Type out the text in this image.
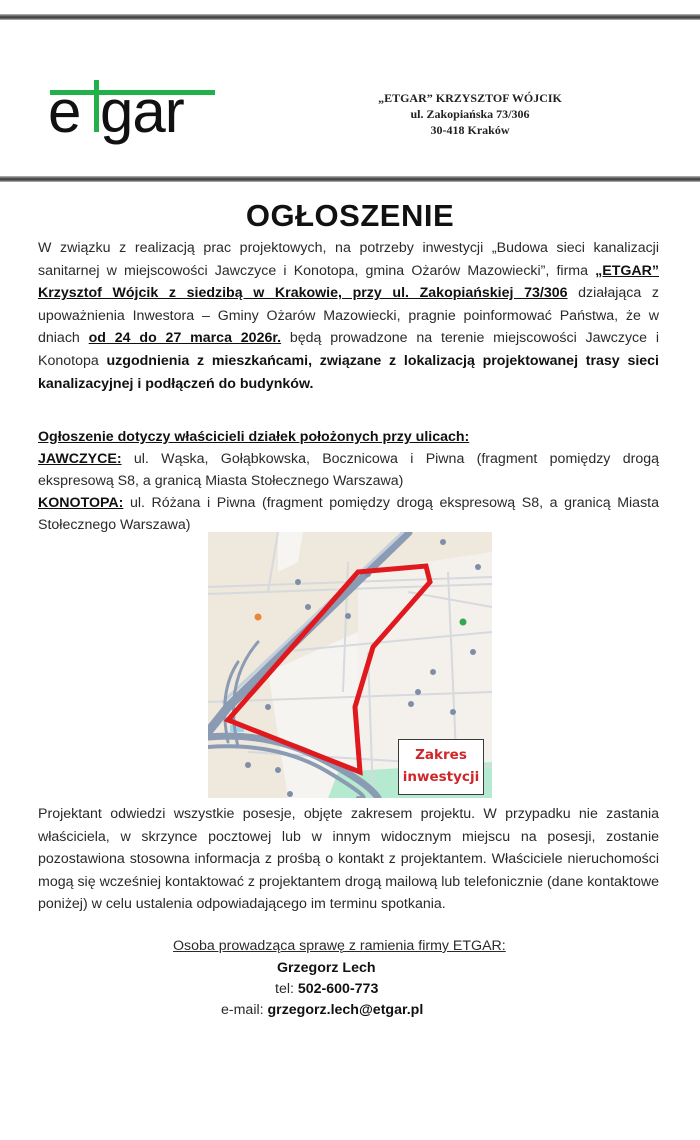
e gar	„ETGAR” KRZYSZTOF WÓJCIK
ul. Zakopiańska 73/306
30-418 Kraków
OGŁOSZENIE
W związku z realizacją prac projektowych, na potrzeby inwestycji „Budowa sieci kanalizacji sanitarnej w miejscowości Jawczyce i Konotopa, gmina Ożarów Mazowiecki”, firma „ETGAR” Krzysztof Wójcik z siedzibą w Krakowie, przy ul. Zakopiańskiej 73/306 działająca z upoważnienia Inwestora – Gminy Ożarów Mazowiecki, pragnie poinformować Państwa, że w dniach od 24 do 27 marca 2026r. będą prowadzone na terenie miejscowości Jawczyce i Konotopa uzgodnienia z mieszkańcami, związane z lokalizacją projektowanej trasy sieci kanalizacyjnej i podłączeń do budynków.
Ogłoszenie dotyczy właścicieli działek położonych przy ulicach:
JAWCZYCE: ul. Wąska, Gołąbkowska, Bocznicowa i Piwna (fragment pomiędzy drogą ekspresową S8, a granicą Miasta Stołecznego Warszawa)
KONOTOPA: ul. Różana i Piwna (fragment pomiędzy drogą ekspresową S8, a granicą Miasta Stołecznego Warszawa)
Zakres
inwestycji
Projektant odwiedzi wszystkie posesje, objęte zakresem projektu. W przypadku nie zastania właściciela, w skrzynce pocztowej lub w innym widocznym miejscu na posesji, zostanie pozostawiona stosowna informacja z prośbą o kontakt z projektantem. Właściciele nieruchomości mogą się wcześniej kontaktować z projektantem drogą mailową lub telefonicznie (dane kontaktowe poniżej) w celu ustalenia odpowiadającego im terminu spotkania.
Osoba prowadząca sprawę z ramienia firmy ETGAR:
Grzegorz Lech
tel: 502-600-773
e-mail: grzegorz.lech@etgar.pl
